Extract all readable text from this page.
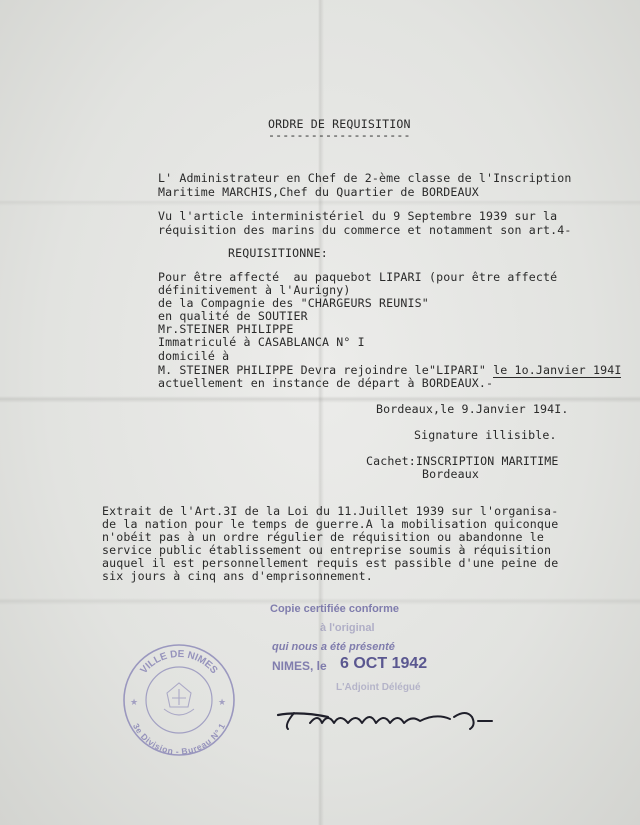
ORDRE DE REQUISITION
--------------------
L' Administrateur en Chef de 2-ème classe de l'Inscription
Maritime MARCHIS,Chef du Quartier de BORDEAUX
Vu l'article interministériel du 9 Septembre 1939 sur la
réquisition des marins du commerce et notamment son art.4-
REQUISITIONNE:
Pour être affecté  au paquebot LIPARI (pour être affecté
définitivement à l'Aurigny)
de la Compagnie des "CHARGEURS REUNIS"
en qualité de SOUTIER
Mr.STEINER PHILIPPE
Immatriculé à CASABLANCA N° I
domicilé à
M. STEINER PHILIPPE Devra rejoindre le"LIPARI" le 1o.Janvier 194I
actuellement en instance de départ à BORDEAUX.-
Bordeaux,le 9.Janvier 194I.
Signature illisible.
Cachet:INSCRIPTION MARITIME
Bordeaux
Extrait de l'Art.3I de la Loi du 11.Juillet 1939 sur l'organisa-
de la nation pour le temps de guerre.A la mobilisation quiconque
n'obéit pas à un ordre régulier de réquisition ou abandonne le
service public établissement ou entreprise soumis à réquisition
auquel il est personnellement requis est passible d'une peine de
six jours à cinq ans d'emprisonnement.
Copie certifiée conforme
à l'original
qui nous a été présenté
NIMES, le 6 OCT 1942
L'Adjoint Délégué
VILLE DE NIMES
3e Division - Bureau N° 1
★	★
